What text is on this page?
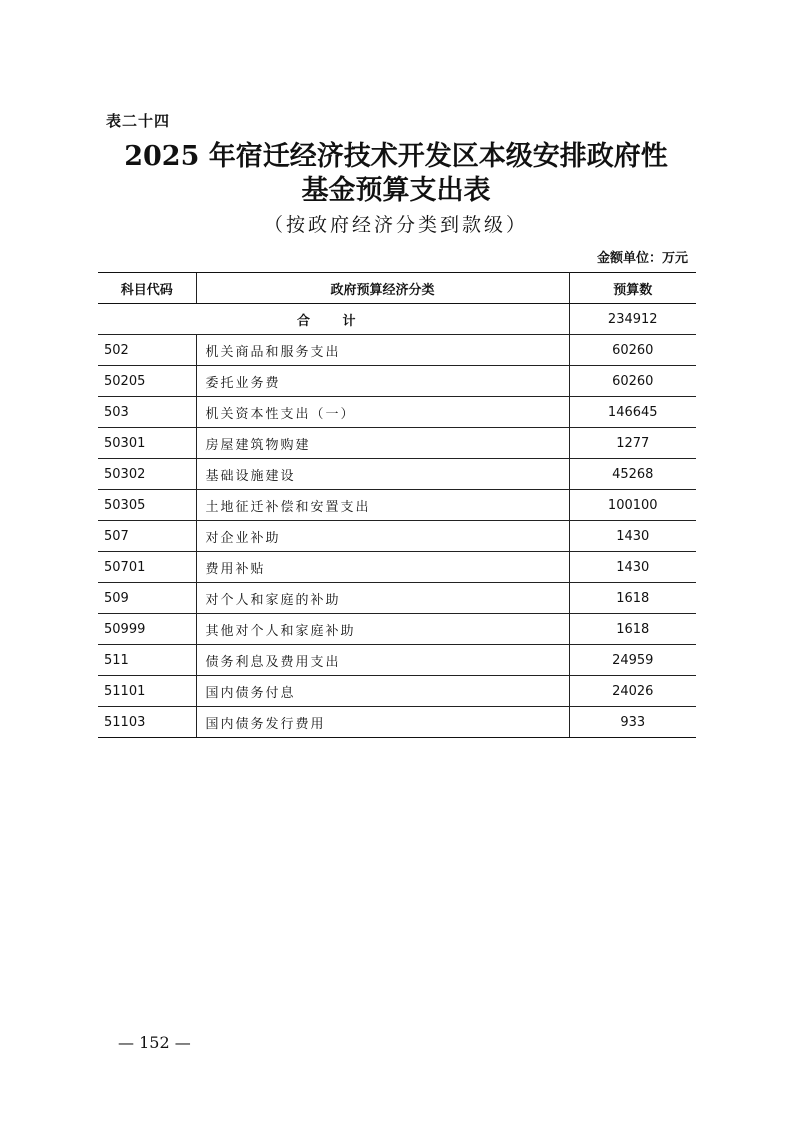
表二十四
2025 年宿迁经济技术开发区本级安排政府性
基金预算支出表
（按政府经济分类到款级）
金额单位：万元
科目代码	政府预算经济分类	预算数
合 计		234912
502	机关商品和服务支出	60260
50205	委托业务费	60260
503	机关资本性支出（一）	146645
50301	房屋建筑物购建	1277
50302	基础设施建设	45268
50305	土地征迁补偿和安置支出	100100
507	对企业补助	1430
50701	费用补贴	1430
509	对个人和家庭的补助	1618
50999	其他对个人和家庭补助	1618
511	债务利息及费用支出	24959
51101	国内债务付息	24026
51103	国内债务发行费用	933
— 152 —
